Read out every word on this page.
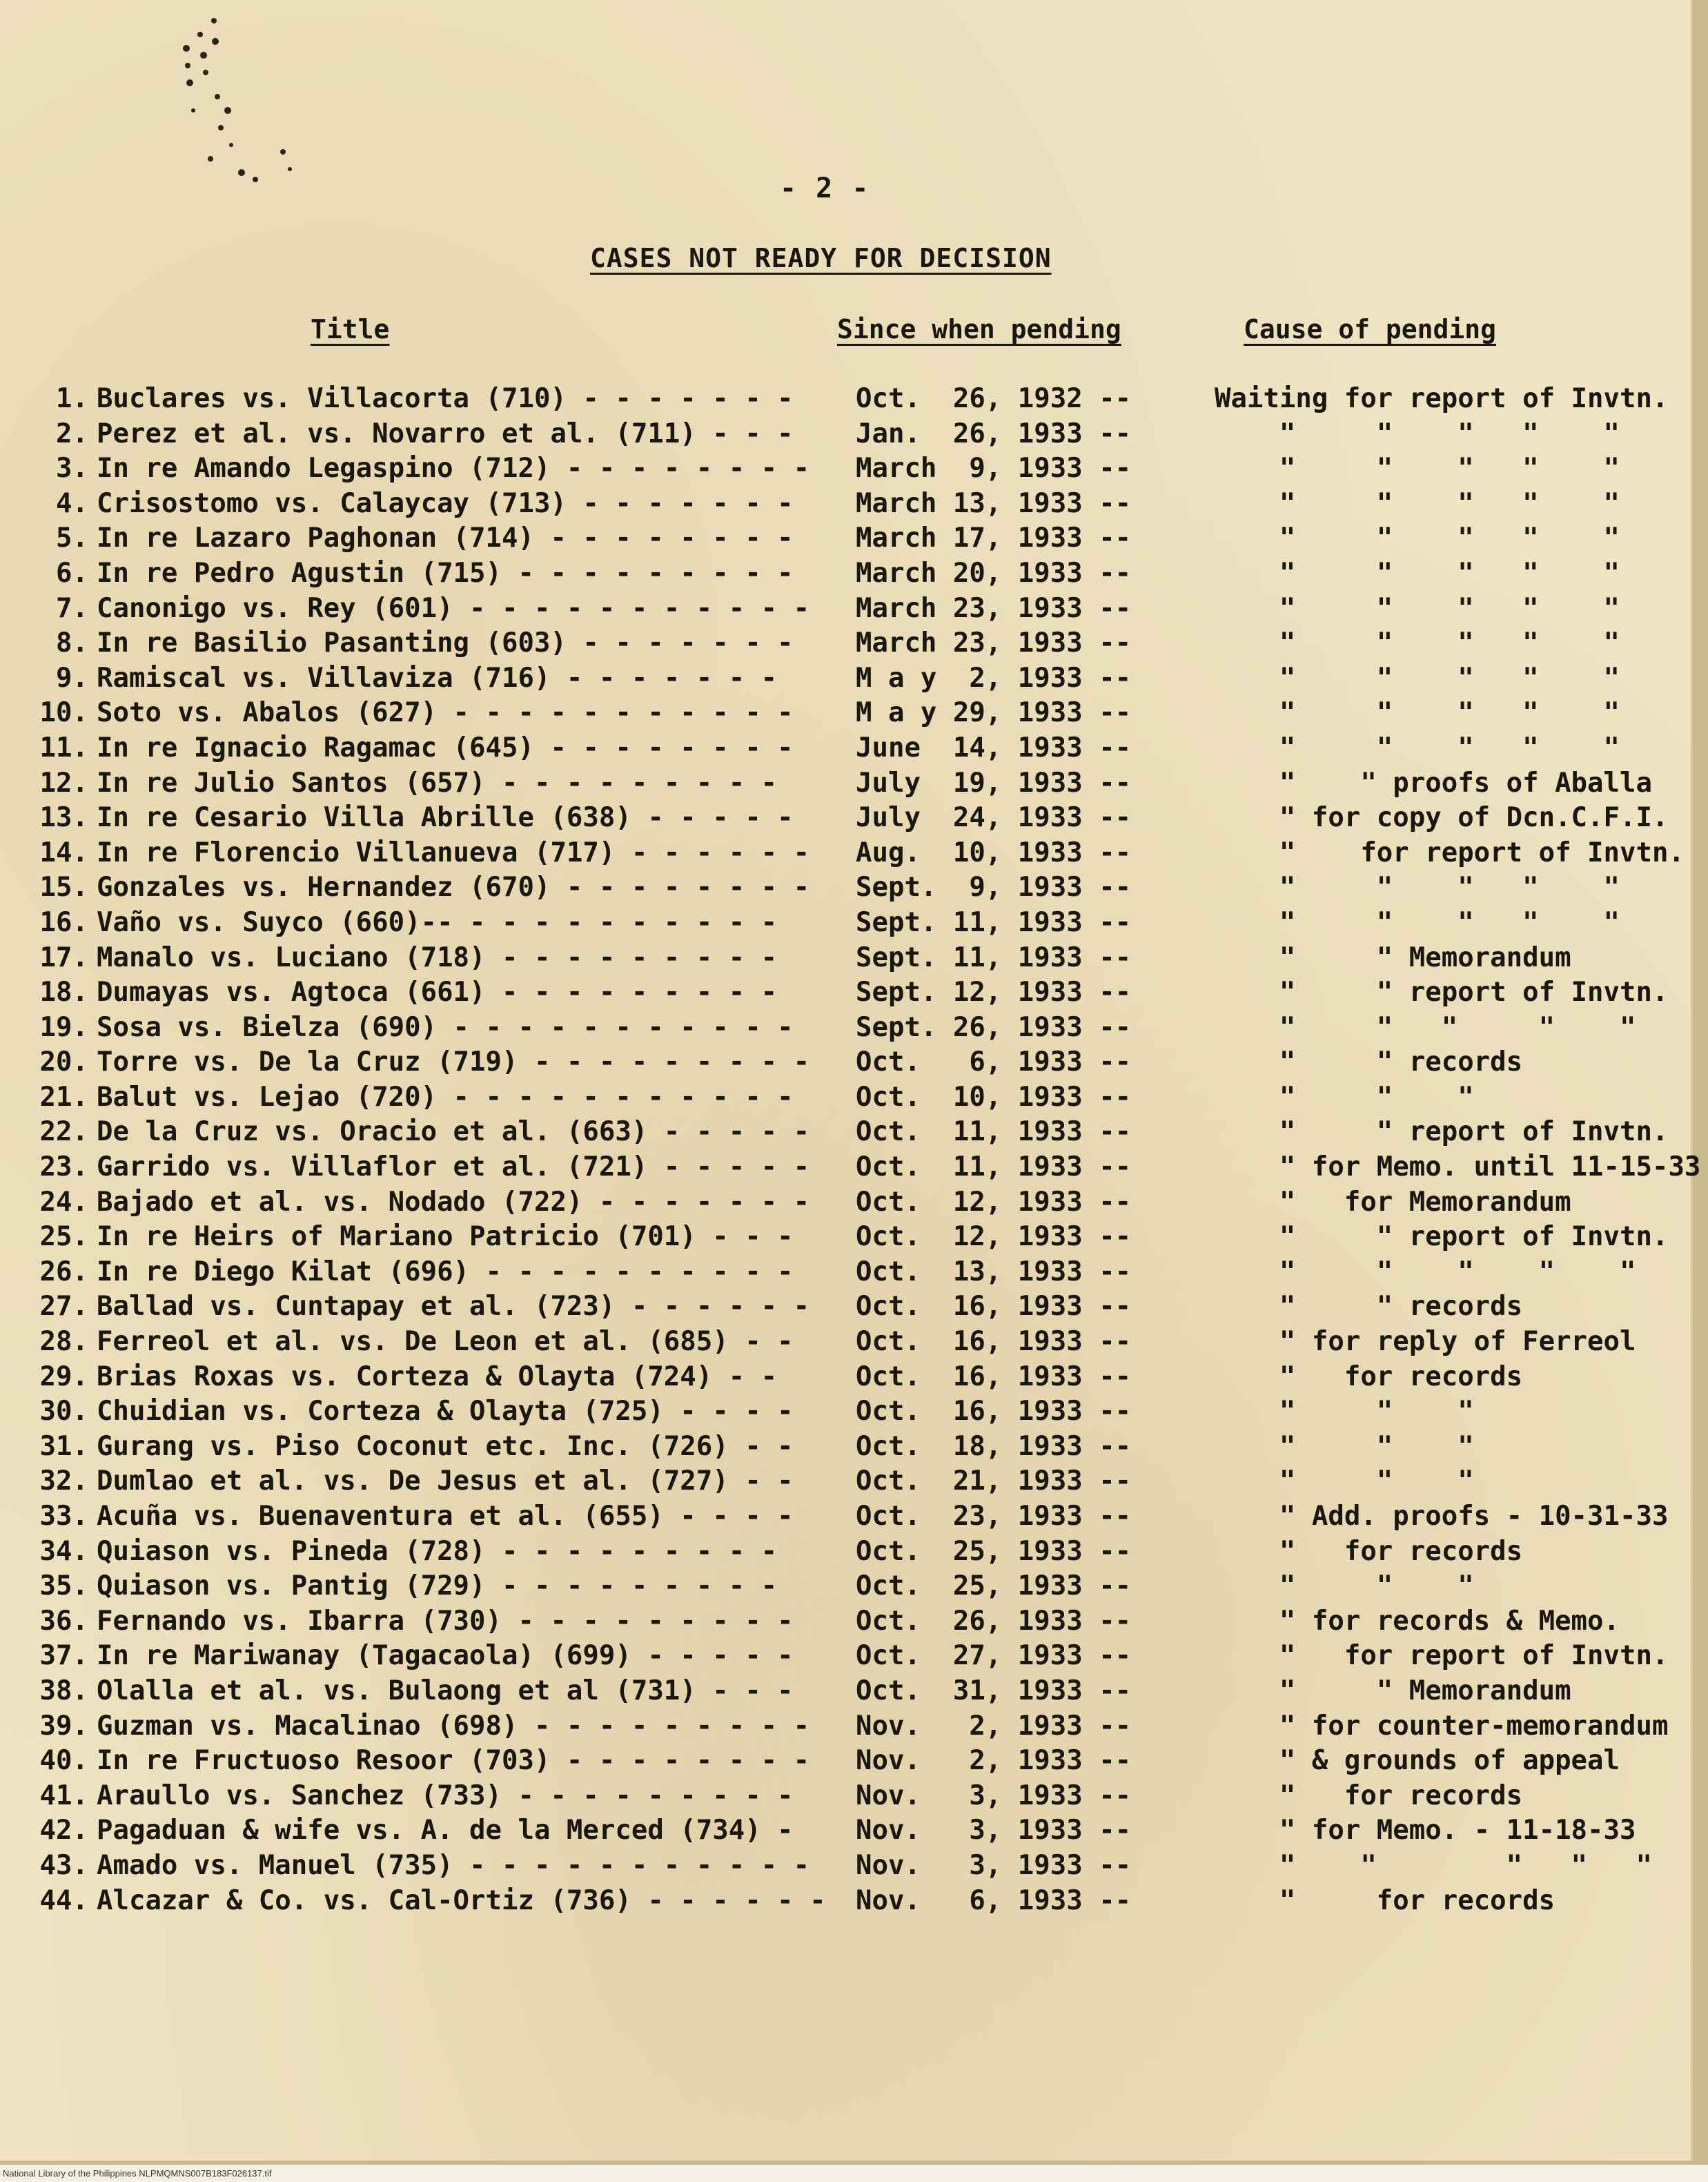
- 2 -
CASES NOT READY FOR DECISION
Title	Since when pending	Cause of pending
1. Buclares vs. Villacorta (710) - - - - - - - Oct.  26, 1932 --	Waiting for report of Invtn.
2. Perez et al. vs. Novarro et al. (711) - - - Jan.  26, 1933 --	"     "    "   "    "
3. In re Amando Legaspino (712) - - - - - - - - March  9, 1933 --	"     "    "   "    "
4. Crisostomo vs. Calaycay (713) - - - - - - - March 13, 1933 --	"     "    "   "    "
5. In re Lazaro Paghonan (714) - - - - - - - - March 17, 1933 --	"     "    "   "    "
6. In re Pedro Agustin (715) - - - - - - - - - March 20, 1933 --	"     "    "   "    "
7. Canonigo vs. Rey (601) - - - - - - - - - - - March 23, 1933 --	"     "    "   "    "
8. In re Basilio Pasanting (603) - - - - - - - March 23, 1933 --	"     "    "   "    "
9. Ramiscal vs. Villaviza (716) - - - - - - -	M a y  2, 1933 --	"     "    "   "    "
10. Soto vs. Abalos (627) - - - - - - - - - - - M a y 29, 1933 --	"     "    "   "    "
11. In re Ignacio Ragamac (645) - - - - - - - - June  14, 1933 --	"     "    "   "    "
12. In re Julio Santos (657) - - - - - - - - -	July  19, 1933 --	"    " proofs of Aballa
13. In re Cesario Villa Abrille (638) - - - - - July  24, 1933 --	" for copy of Dcn.C.F.I.
14. In re Florencio Villanueva (717) - - - - - - Aug.  10, 1933 --	"    for report of Invtn.
15. Gonzales vs. Hernandez (670) - - - - - - - - Sept.  9, 1933 --	"     "    "   "    "
16. Vaño vs. Suyco (660)-- - - - - - - - - - -	Sept. 11, 1933 --	"     "    "   "    "
17. Manalo vs. Luciano (718) - - - - - - - - -	Sept. 11, 1933 --	"     " Memorandum
18. Dumayas vs. Agtoca (661) - - - - - - - - -	Sept. 12, 1933 --	"     " report of Invtn.
19. Sosa vs. Bielza (690) - - - - - - - - - - - Sept. 26, 1933 --	"     "   "     "    "
20. Torre vs. De la Cruz (719) - - - - - - - - - Oct.   6, 1933 --	"     " records
21. Balut vs. Lejao (720) - - - - - - - - - - - Oct.  10, 1933 --	"     "    "
22. De la Cruz vs. Oracio et al. (663) - - - - - Oct.  11, 1933 --	"     " report of Invtn.
23. Garrido vs. Villaflor et al. (721) - - - - - Oct.  11, 1933 --	" for Memo. until 11-15-33
24. Bajado et al. vs. Nodado (722) - - - - - - - Oct.  12, 1933 --	"   for Memorandum
25. In re Heirs of Mariano Patricio (701) - - - Oct.  12, 1933 --	"     " report of Invtn.
26. In re Diego Kilat (696) - - - - - - - - - - Oct.  13, 1933 --	"     "    "    "    "
27. Ballad vs. Cuntapay et al. (723) - - - - - - Oct.  16, 1933 --	"     " records
28. Ferreol et al. vs. De Leon et al. (685) - - Oct.  16, 1933 --	" for reply of Ferreol
29. Brias Roxas vs. Corteza & Olayta (724) - -	Oct.  16, 1933 --	"   for records
30. Chuidian vs. Corteza & Olayta (725) - - - - Oct.  16, 1933 --	"     "    "
31. Gurang vs. Piso Coconut etc. Inc. (726) - - Oct.  18, 1933 --	"     "    "
32. Dumlao et al. vs. De Jesus et al. (727) - - Oct.  21, 1933 --	"     "    "
33. Acuña vs. Buenaventura et al. (655) - - - - Oct.  23, 1933 --	" Add. proofs - 10-31-33
34. Quiason vs. Pineda (728) - - - - - - - - -	Oct.  25, 1933 --	"   for records
35. Quiason vs. Pantig (729) - - - - - - - - -	Oct.  25, 1933 --	"     "    "
36. Fernando vs. Ibarra (730) - - - - - - - - - Oct.  26, 1933 --	" for records & Memo.
37. In re Mariwanay (Tagacaola) (699) - - - - - Oct.  27, 1933 --	"   for report of Invtn.
38. Olalla et al. vs. Bulaong et al (731) - - - Oct.  31, 1933 --	"     " Memorandum
39. Guzman vs. Macalinao (698) - - - - - - - - - Nov.   2, 1933 --	" for counter-memorandum
40. In re Fructuoso Resoor (703) - - - - - - - - Nov.   2, 1933 --	" & grounds of appeal
41. Araullo vs. Sanchez (733) - - - - - - - - - Nov.   3, 1933 --	"   for records
42. Pagaduan & wife vs. A. de la Merced (734) - Nov.   3, 1933 --	" for Memo. - 11-18-33
43. Amado vs. Manuel (735) - - - - - - - - - - - Nov.   3, 1933 --	"    "        "   "   "
44. Alcazar & Co. vs. Cal-Ortiz (736) - - - - - - Nov.   6, 1933 --	"     for records
National Library of the Philippines NLPMQMNS007B183F026137.tif
